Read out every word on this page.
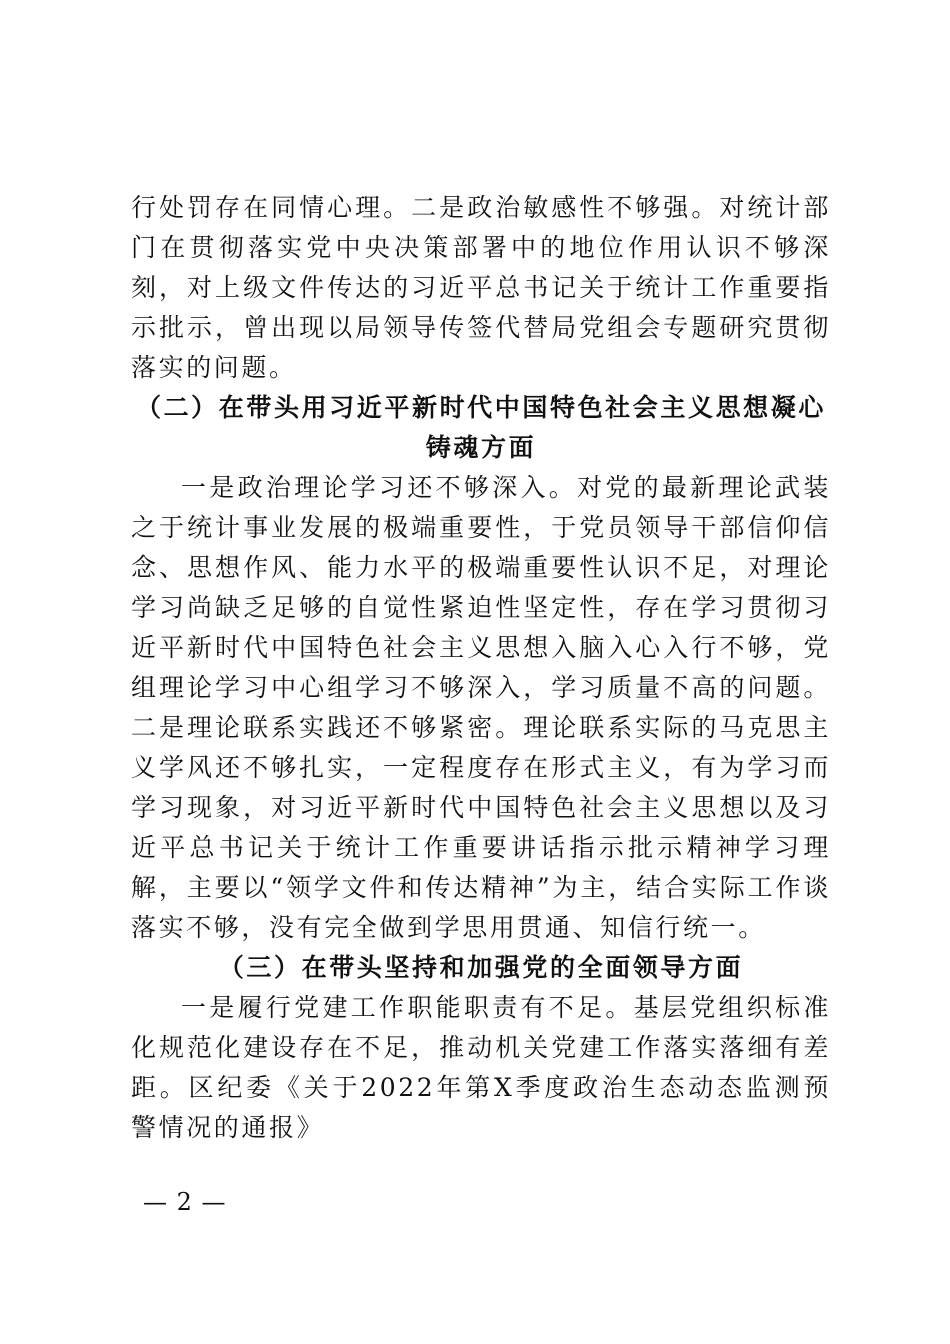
行处罚存在同情心理。二是政治敏感性不够强。对统计部门在贯彻落实党中央决策部署中的地位作用认识不够深刻，对上级文件传达的习近平总书记关于统计工作重要指示批示，曾出现以局领导传签代替局党组会专题研究贯彻落实的问题。

（二）在带头用习近平新时代中国特色社会主义思想凝心铸魂方面

一是政治理论学习还不够深入。对党的最新理论武装之于统计事业发展的极端重要性，于党员领导干部信仰信念、思想作风、能力水平的极端重要性认识不足，对理论学习尚缺乏足够的自觉性紧迫性坚定性，存在学习贯彻习近平新时代中国特色社会主义思想入脑入心入行不够，党组理论学习中心组学习不够深入，学习质量不高的问题。二是理论联系实践还不够紧密。理论联系实际的马克思主义学风还不够扎实，一定程度存在形式主义，有为学习而学习现象，对习近平新时代中国特色社会主义思想以及习近平总书记关于统计工作重要讲话指示批示精神学习理解，主要以“领学文件和传达精神”为主，结合实际工作谈落实不够，没有完全做到学思用贯通、知信行统一。

（三）在带头坚持和加强党的全面领导方面

一是履行党建工作职能职责有不足。基层党组织标准化规范化建设存在不足，推动机关党建工作落实落细有差距。区纪委《关于2022年第X季度政治生态动态监测预警情况的通报》

— 2 —
